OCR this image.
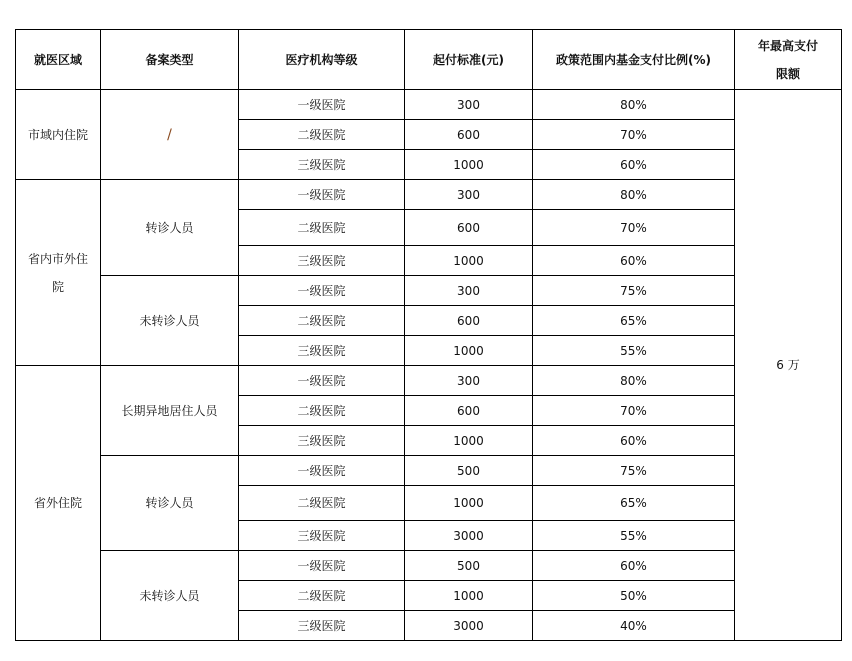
就医区域	备案类型	医疗机构等级	起付标准(元)	政策范围内基金支付比例(%)	年最高支付限额
市域内住院	/	一级医院	300	80%	6 万
		二级医院	600	70%	
		三级医院	1000	60%	
省内市外住院	转诊人员	一级医院	300	80%	
		二级医院	600	70%	
		三级医院	1000	60%	
	未转诊人员	一级医院	300	75%	
		二级医院	600	65%	
		三级医院	1000	55%	
省外住院	长期异地居住人员	一级医院	300	80%	
		二级医院	600	70%	
		三级医院	1000	60%	
	转诊人员	一级医院	500	75%	
		二级医院	1000	65%	
		三级医院	3000	55%	
	未转诊人员	一级医院	500	60%	
		二级医院	1000	50%	
		三级医院	3000	40%	
